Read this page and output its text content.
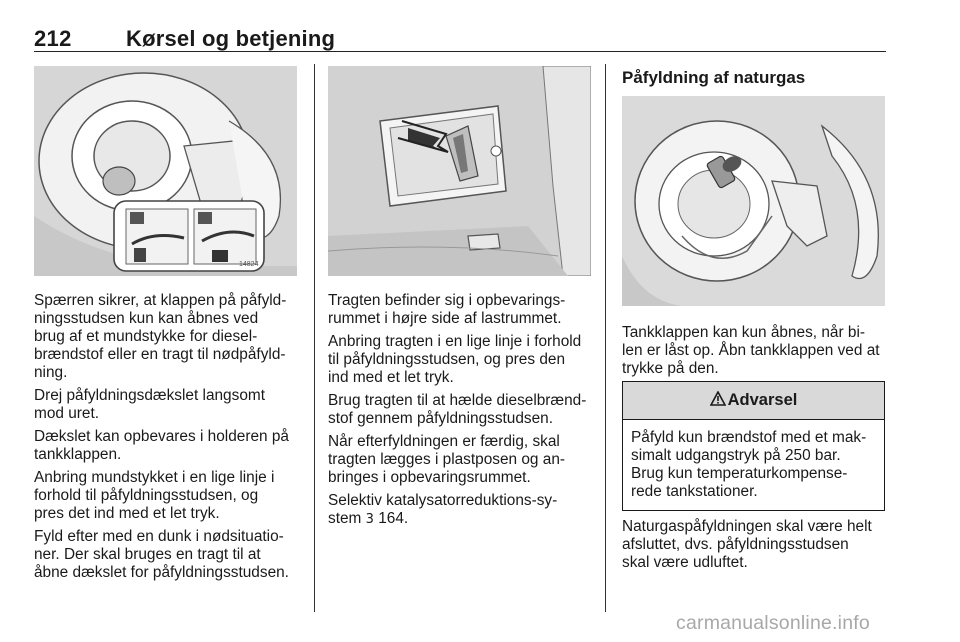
212 Kørsel og betjening
14824

Spærren sikrer, at klappen på påfyld-
ningsstudsen kun kan åbnes ved
brug af et mundstykke for diesel-
brændstof eller en tragt til nødpåfyld-
ning.

Drej påfyldningsdækslet langsomt
mod uret.

Dækslet kan opbevares i holderen på
tankklappen.

Anbring mundstykket i en lige linje i
forhold til påfyldningsstudsen, og
pres det ind med et let tryk.

Fyld efter med en dunk i nødsituatio-
ner. Der skal bruges en tragt til at
åbne dækslet for påfyldningsstudsen.

Tragten befinder sig i opbevarings-
rummet i højre side af lastrummet.

Anbring tragten i en lige linje i forhold
til påfyldningsstudsen, og pres den
ind med et let tryk.

Brug tragten til at hælde dieselbrænd-
stof gennem påfyldningsstudsen.

Når efterfyldningen er færdig, skal
tragten lægges i plastposen og an-
bringes i opbevaringsrummet.

Selektiv katalysatorreduktions-sy-
stem 3 164.

Påfyldning af naturgas

Tankklappen kan kun åbnes, når bi-
len er låst op. Åbn tankklappen ved at
trykke på den.

Advarsel
Påfyld kun brændstof med et mak-
simalt udgangstryk på 250 bar.
Brug kun temperaturkompense-
rede tankstationer.

Naturgaspåfyldningen skal være helt
afsluttet, dvs. påfyldningsstudsen
skal være udluftet.

carmanualsonline.info
